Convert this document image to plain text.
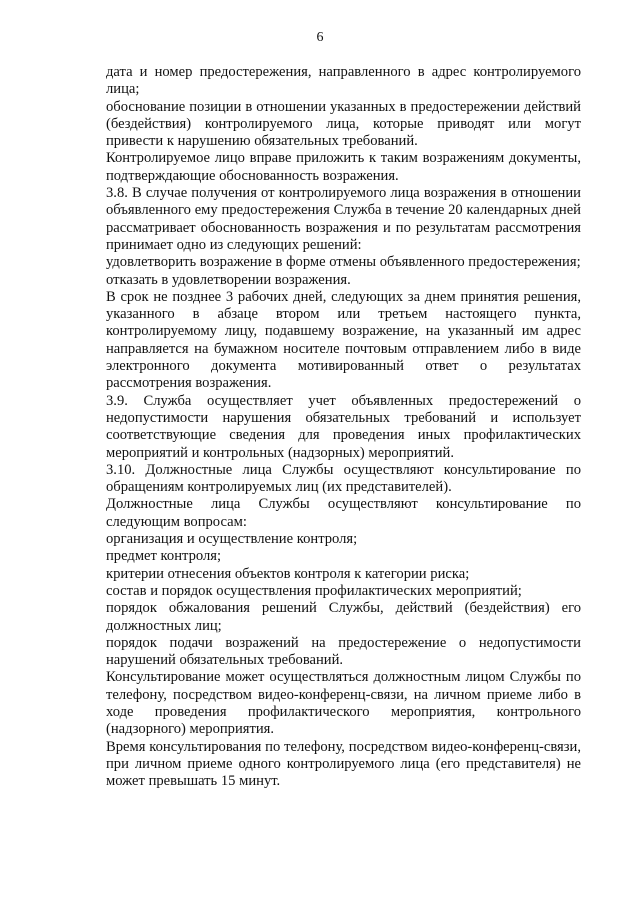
6

дата и номер предостережения, направленного в адрес контролируемого лица;

обоснование позиции в отношении указанных в предостережении действий (бездействия) контролируемого лица, которые приводят или могут привести к нарушению обязательных требований.

Контролируемое лицо вправе приложить к таким возражениям документы, подтверждающие обоснованность возражения.

3.8. В случае получения от контролируемого лица возражения в отношении объявленного ему предостережения Служба в течение 20 календарных дней рассматривает обоснованность возражения и по результатам рассмотрения принимает одно из следующих решений:

удовлетворить возражение в форме отмены объявленного предостережения;

отказать в удовлетворении возражения.

В срок не позднее 3 рабочих дней, следующих за днем принятия решения, указанного в абзаце втором или третьем настоящего пункта, контролируемому лицу, подавшему возражение, на указанный им адрес направляется на бумажном носителе почтовым отправлением либо в виде электронного документа мотивированный ответ о результатах рассмотрения возражения.

3.9. Служба осуществляет учет объявленных предостережений о недопустимости нарушения обязательных требований и использует соответствующие сведения для проведения иных профилактических мероприятий и контрольных (надзорных) мероприятий.

3.10. Должностные лица Службы осуществляют консультирование по обращениям контролируемых лиц (их представителей).

Должностные лица Службы осуществляют консультирование по следующим вопросам:

организация и осуществление контроля;

предмет контроля;

критерии отнесения объектов контроля к категории риска;

состав и порядок осуществления профилактических мероприятий;

порядок обжалования решений Службы, действий (бездействия) его должностных лиц;

порядок подачи возражений на предостережение о недопустимости нарушений обязательных требований.

Консультирование может осуществляться должностным лицом Службы по телефону, посредством видео-конференц-связи, на личном приеме либо в ходе проведения профилактического мероприятия, контрольного (надзорного) мероприятия.

Время консультирования по телефону, посредством видео-конференц-связи, при личном приеме одного контролируемого лица (его представителя) не может превышать 15 минут.
